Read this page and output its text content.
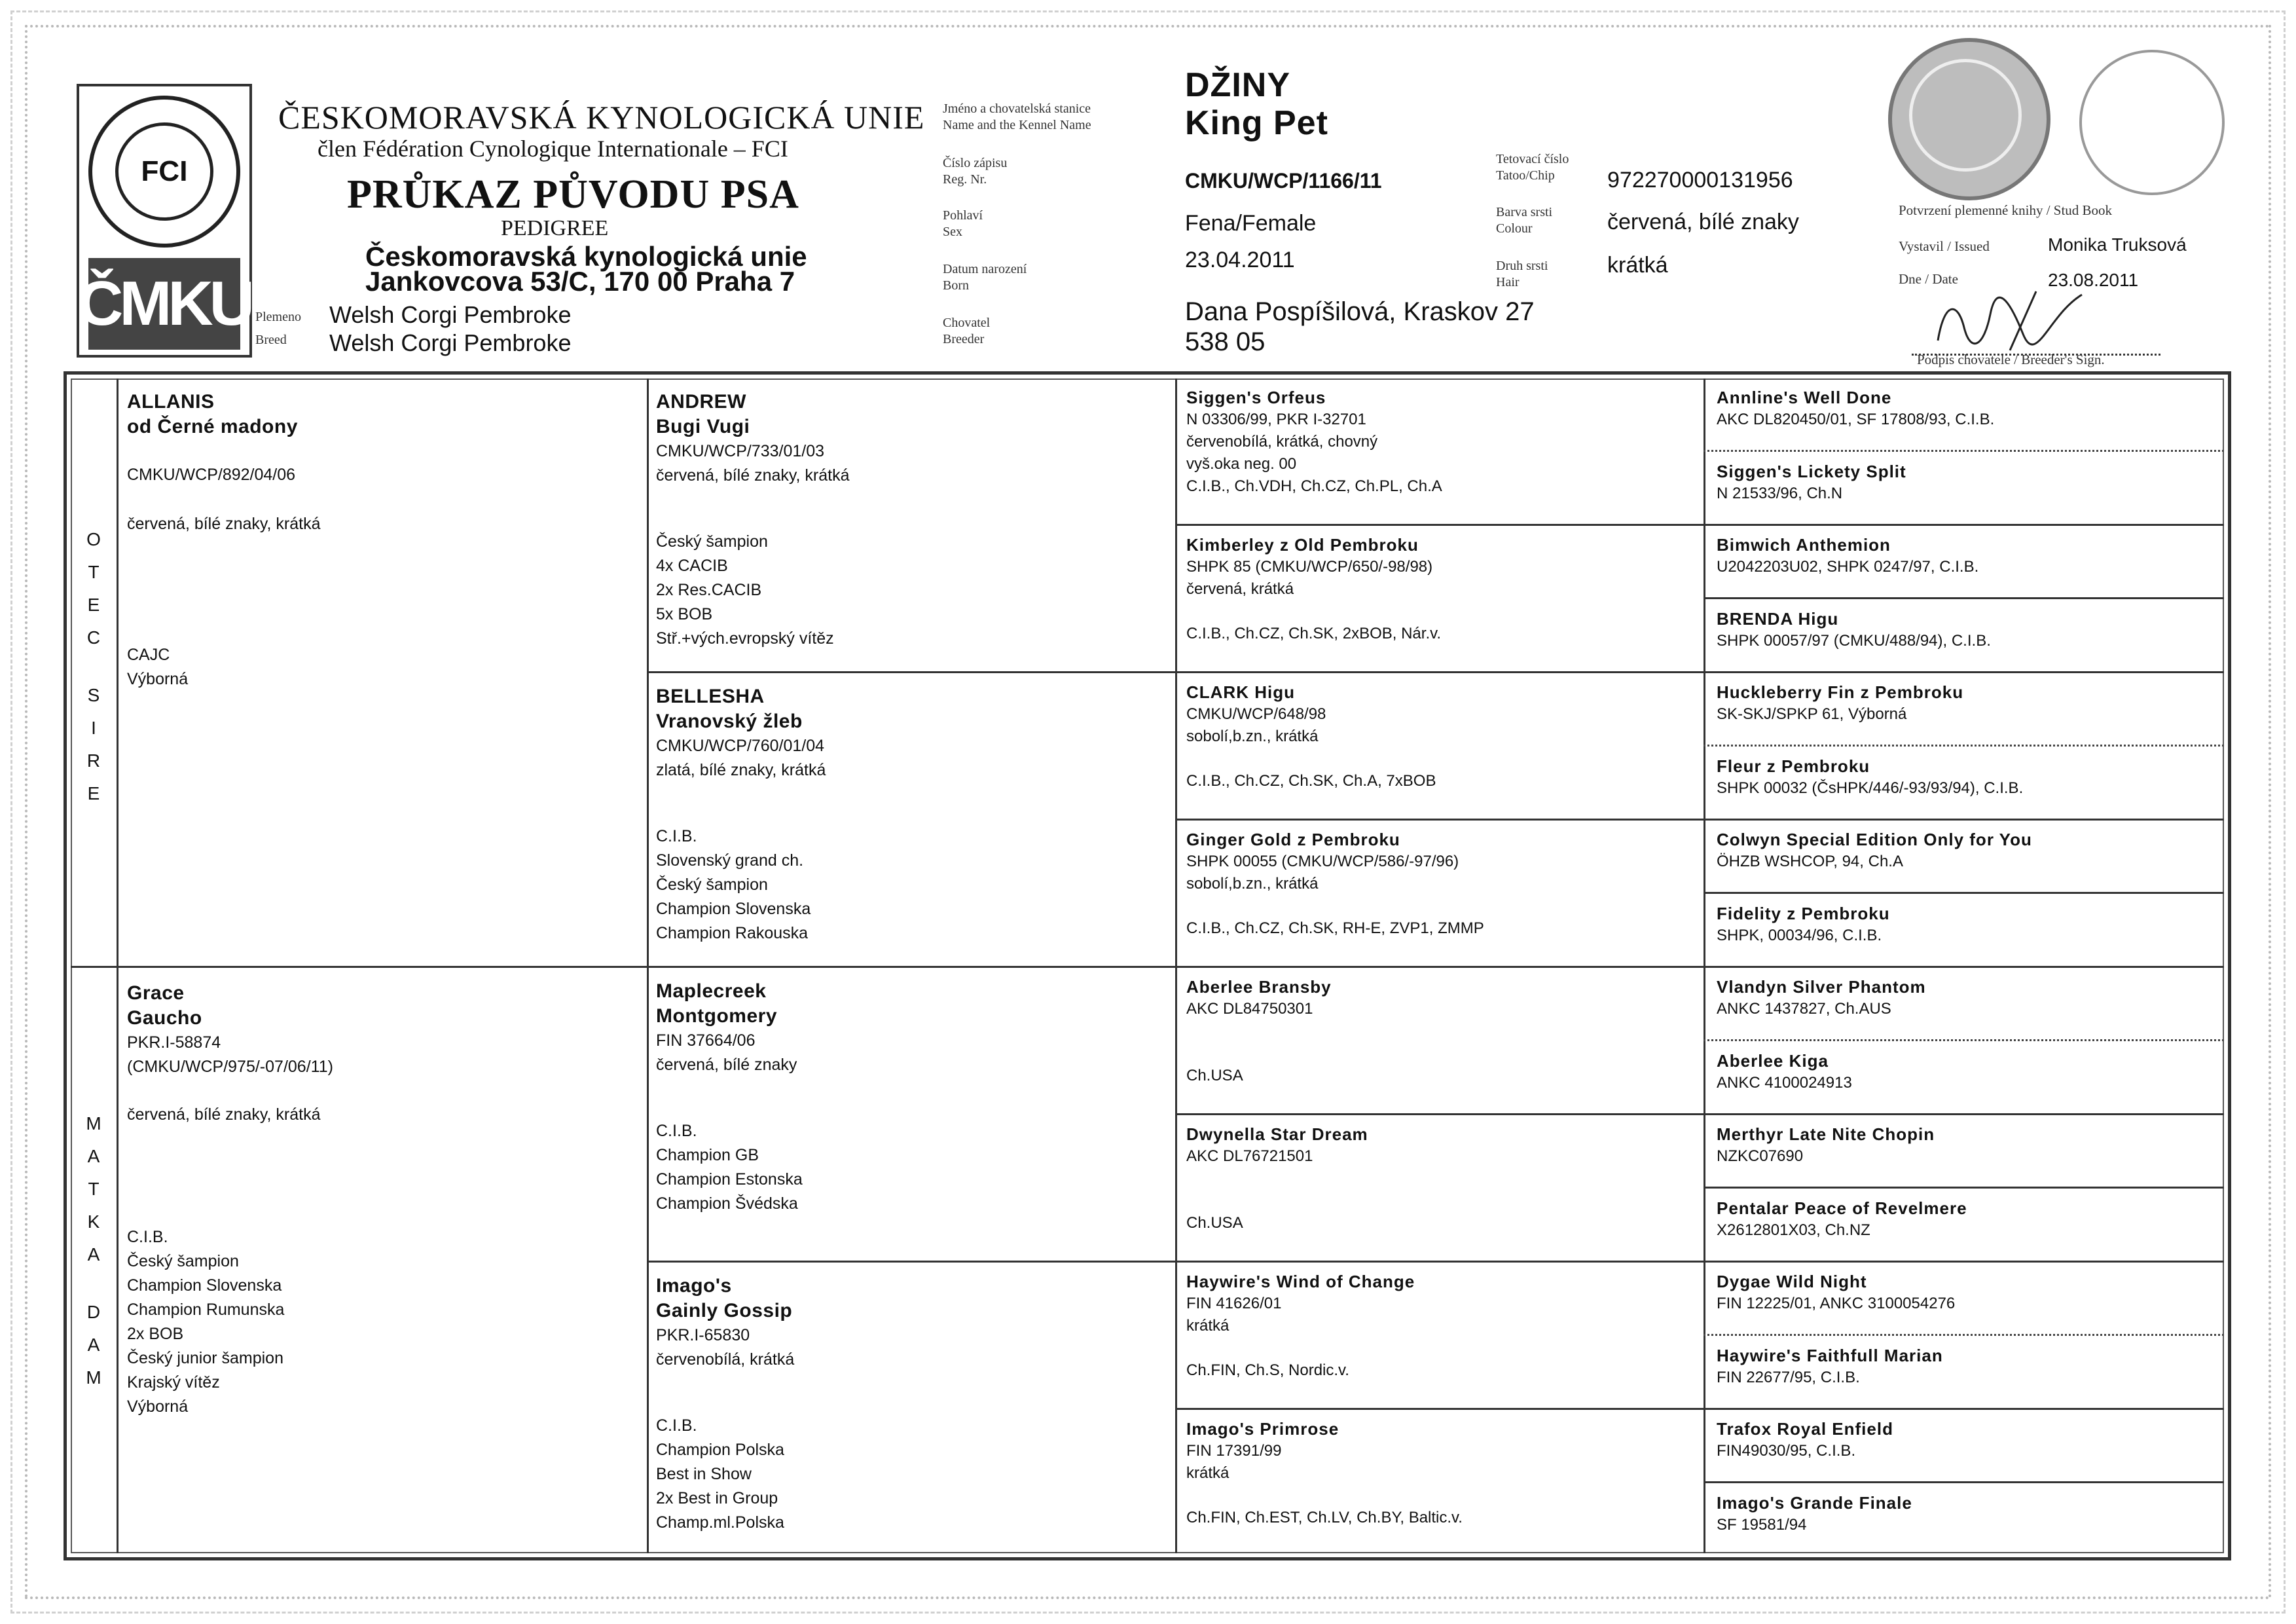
FCI
ČMKU
ČESKOMORAVSKÁ KYNOLOGICKÁ UNIE
člen Fédération Cynologique Internationale – FCI
PRŮKAZ PŮVODU PSA
PEDIGREE
Českomoravská kynologická unie
Jankovcova 53/C, 170 00 Praha 7
Plemeno
Breed
Welsh Corgi Pembroke
Welsh Corgi Pembroke
Jméno a chovatelská stanice
Name and the Kennel Name
Číslo zápisu
Reg. Nr.
Pohlaví
Sex
Datum narození
Born
Chovatel
Breeder
DŽINY
King Pet
CMKU/WCP/1166/11
Fena/Female
23.04.2011
Dana Pospíšilová, Kraskov 27
538 05
Tetovací číslo
Tatoo/Chip
Barva srsti
Colour
Druh srsti
Hair
972270000131956
červená, bílé znaky
krátká
Potvrzení plemenné knihy / Stud Book
Vystavil / Issued	Monika Truksová
Dne / Date	23.08.2011
Podpis chovatele / Breeder's Sign.
O
T
E
C
S
I
R
E
M
A
T
K
A
D
A
M
ALLANIS
od Černé madony
CMKU/WCP/892/04/06
červená, bílé znaky, krátká
CAJC
Výborná
Grace
Gaucho
PKR.I-58874
(CMKU/WCP/975/-07/06/11)
červená, bílé znaky, krátká
C.I.B.
Český šampion
Champion Slovenska
Champion Rumunska
2x BOB
Český junior šampion
Krajský vítěz
Výborná
ANDREW
Bugi Vugi
CMKU/WCP/733/01/03
červená, bílé znaky, krátká
Český šampion
4x CACIB
2x Res.CACIB
5x BOB
Stř.+vých.evropský vítěz
BELLESHA
Vranovský žleb
CMKU/WCP/760/01/04
zlatá, bílé znaky, krátká
C.I.B.
Slovenský grand ch.
Český šampion
Champion Slovenska
Champion Rakouska
Maplecreek
Montgomery
FIN 37664/06
červená, bílé znaky
C.I.B.
Champion GB
Champion Estonska
Champion Švédska
Imago's
Gainly Gossip
PKR.I-65830
červenobílá, krátká
C.I.B.
Champion Polska
Best in Show
2x Best in Group
Champ.ml.Polska
Siggen's Orfeus
N 03306/99, PKR I-32701
červenobílá, krátká, chovný
vyš.oka neg. 00
C.I.B., Ch.VDH, Ch.CZ, Ch.PL, Ch.A
Kimberley z Old Pembroku
SHPK 85 (CMKU/WCP/650/-98/98)
červená, krátká
C.I.B., Ch.CZ, Ch.SK, 2xBOB, Nár.v.
CLARK Higu
CMKU/WCP/648/98
sobolí,b.zn., krátká
C.I.B., Ch.CZ, Ch.SK, Ch.A, 7xBOB
Ginger Gold z Pembroku
SHPK 00055 (CMKU/WCP/586/-97/96)
sobolí,b.zn., krátká
C.I.B., Ch.CZ, Ch.SK, RH-E, ZVP1, ZMMP
Aberlee Bransby
AKC DL84750301
Ch.USA
Dwynella Star Dream
AKC DL76721501
Ch.USA
Haywire's Wind of Change
FIN 41626/01
krátká
Ch.FIN, Ch.S, Nordic.v.
Imago's Primrose
FIN 17391/99
krátká
Ch.FIN, Ch.EST, Ch.LV, Ch.BY, Baltic.v.
Annline's Well Done
AKC DL820450/01, SF 17808/93, C.I.B.
Siggen's Lickety Split
N 21533/96, Ch.N
Bimwich Anthemion
U2042203U02, SHPK 0247/97, C.I.B.
BRENDA Higu
SHPK 00057/97 (CMKU/488/94), C.I.B.
Huckleberry Fin z Pembroku
SK-SKJ/SPKP 61, Výborná
Fleur z Pembroku
SHPK 00032 (ČsHPK/446/-93/93/94), C.I.B.
Colwyn Special Edition Only for You
ÖHZB WSHCOP, 94, Ch.A
Fidelity z Pembroku
SHPK, 00034/96, C.I.B.
Vlandyn Silver Phantom
ANKC 1437827, Ch.AUS
Aberlee Kiga
ANKC 4100024913
Merthyr Late Nite Chopin
NZKC07690
Pentalar Peace of Revelmere
X2612801X03, Ch.NZ
Dygae Wild Night
FIN 12225/01, ANKC 3100054276
Haywire's Faithfull Marian
FIN 22677/95, C.I.B.
Trafox Royal Enfield
FIN49030/95, C.I.B.
Imago's Grande Finale
SF 19581/94
